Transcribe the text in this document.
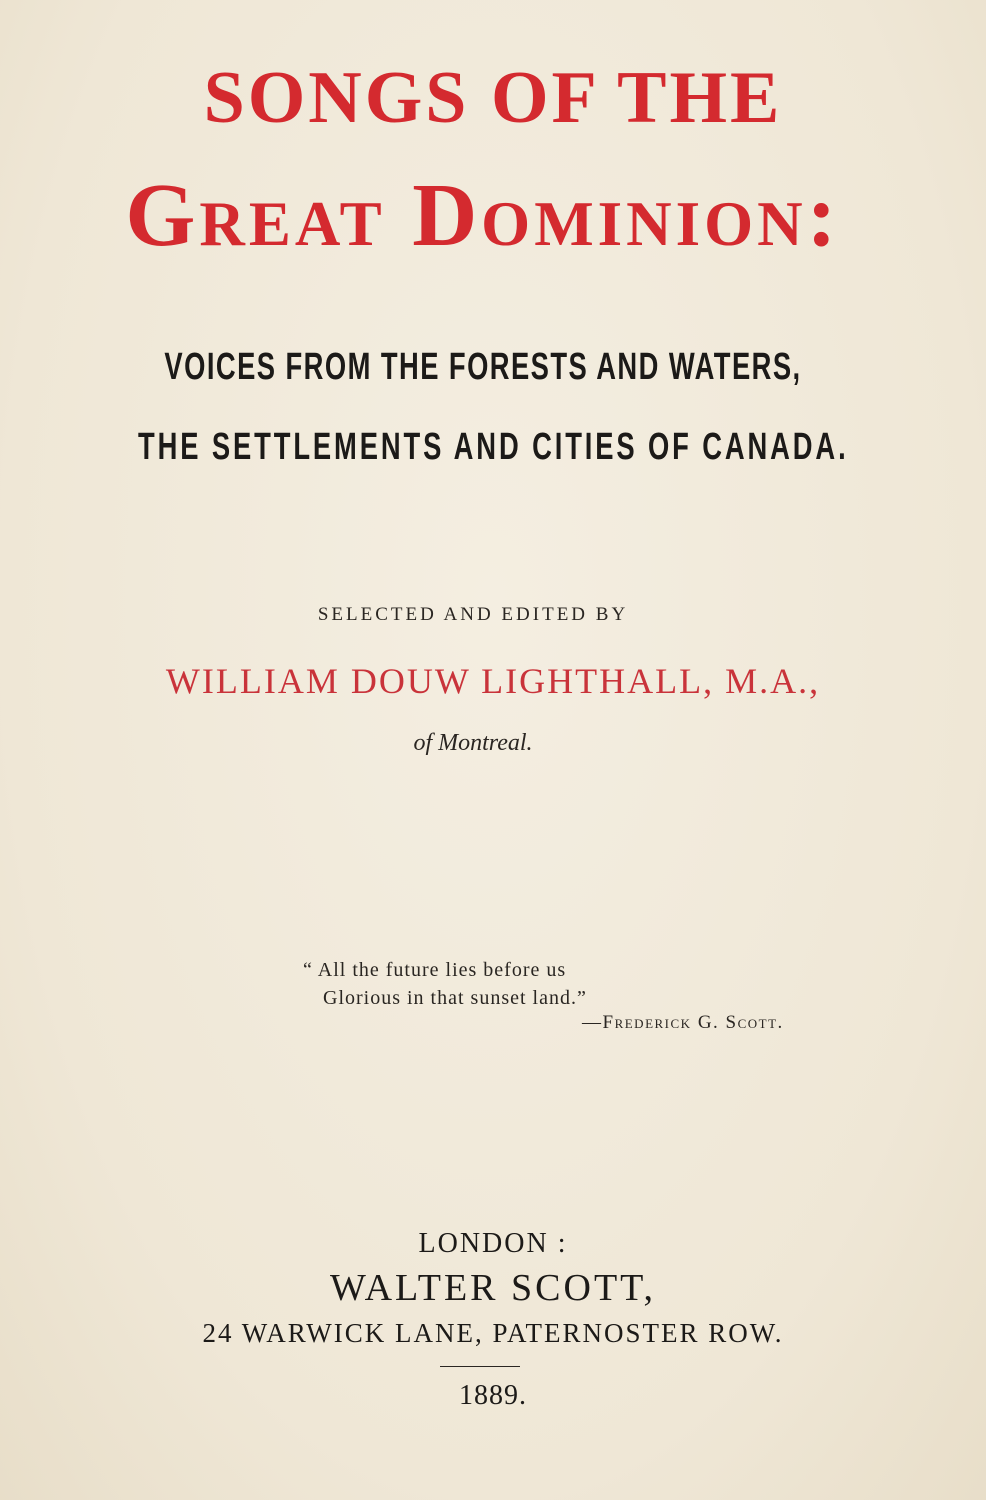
SONGS OF THE
Great Dominion:
VOICES FROM THE FORESTS AND WATERS,
THE SETTLEMENTS AND CITIES OF CANADA.
SELECTED AND EDITED BY
WILLIAM DOUW LIGHTHALL, M.A.,
of Montreal.
“ All the future lies before us
Glorious in that sunset land.”
—Frederick G. Scott.
LONDON :
WALTER SCOTT,
24 WARWICK LANE, PATERNOSTER ROW.
1889.
